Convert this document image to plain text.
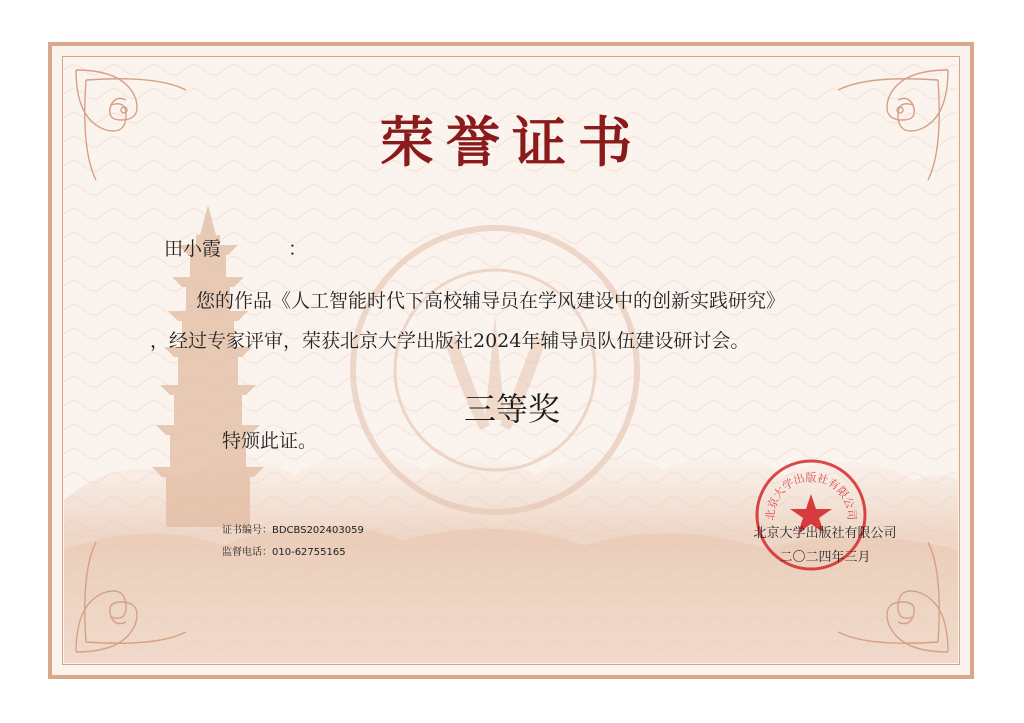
荣誉证书
田小霞	：
您的作品《人工智能时代下高校辅导员在学风建设中的创新实践研究》
，经过专家评审，荣获北京大学出版社2024年辅导员队伍建设研讨会。
三等奖
特颁此证。
证书编号：BDCBS202403059
监督电话：010-62755165
北京大学出版社有限公司
北京大学出版社有限公司
二〇二四年三月
